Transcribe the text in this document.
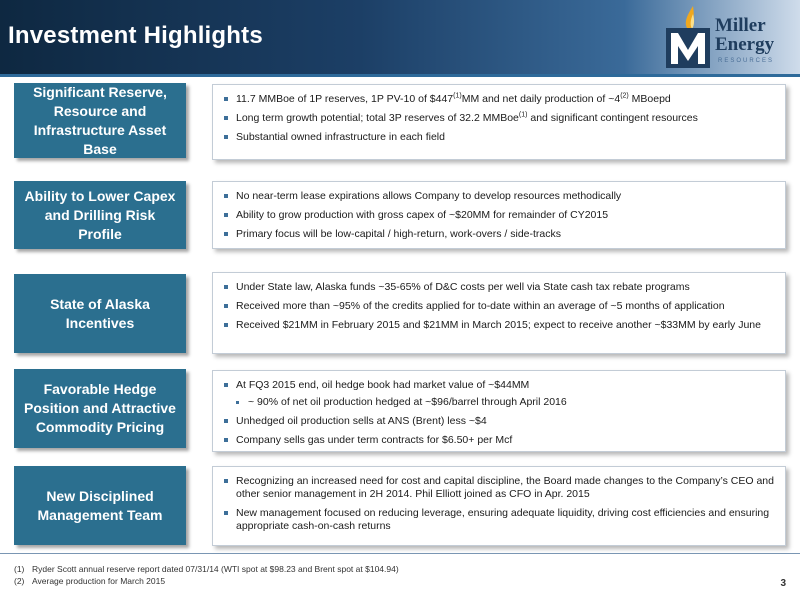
Investment Highlights	Miller
Energy
RESOURCES
Significant Reserve, Resource and Infrastructure Asset Base
11.7 MMBoe of 1P reserves, 1P PV-10 of $447$^{(1)}$MM and net daily production of ~4$^{(2)}$ MBoepd
Long term growth potential; total 3P reserves of 32.2 MMBoe$^{(1)}$ and significant contingent resources
Substantial owned infrastructure in each field
Ability to Lower Capex and Drilling Risk Profile
No near-term lease expirations allows Company to develop resources methodically
Ability to grow production with gross capex of ~$20MM for remainder of CY2015
Primary focus will be low-capital / high-return, work-overs / side-tracks
State of Alaska Incentives
Under State law, Alaska funds ~35-65% of D&C costs per well via State cash tax rebate programs
Received more than ~95% of the credits applied for to-date within an average of ~5 months of application
Received $21MM in February 2015 and $21MM in March 2015; expect to receive another ~$33MM by early June
Favorable Hedge Position and Attractive Commodity Pricing
At FQ3 2015 end, oil hedge book had market value of ~$44MM
~ 90% of net oil production hedged at ~$96/barrel through April 2016
Unhedged oil production sells at ANS (Brent) less ~$4
Company sells gas under term contracts for $6.50+ per Mcf
New Disciplined Management Team
Recognizing an increased need for cost and capital discipline, the Board made changes to the Company’s CEO and other senior management in 2H 2014. Phil Elliott joined as CFO in Apr. 2015
New management focused on reducing leverage, ensuring adequate liquidity, driving cost efficiencies and ensuring appropriate cash-on-cash returns
(1) Ryder Scott annual reserve report dated 07/31/14 (WTI spot at $98.23 and Brent spot at $104.94)
(2) Average production for March 2015	3
